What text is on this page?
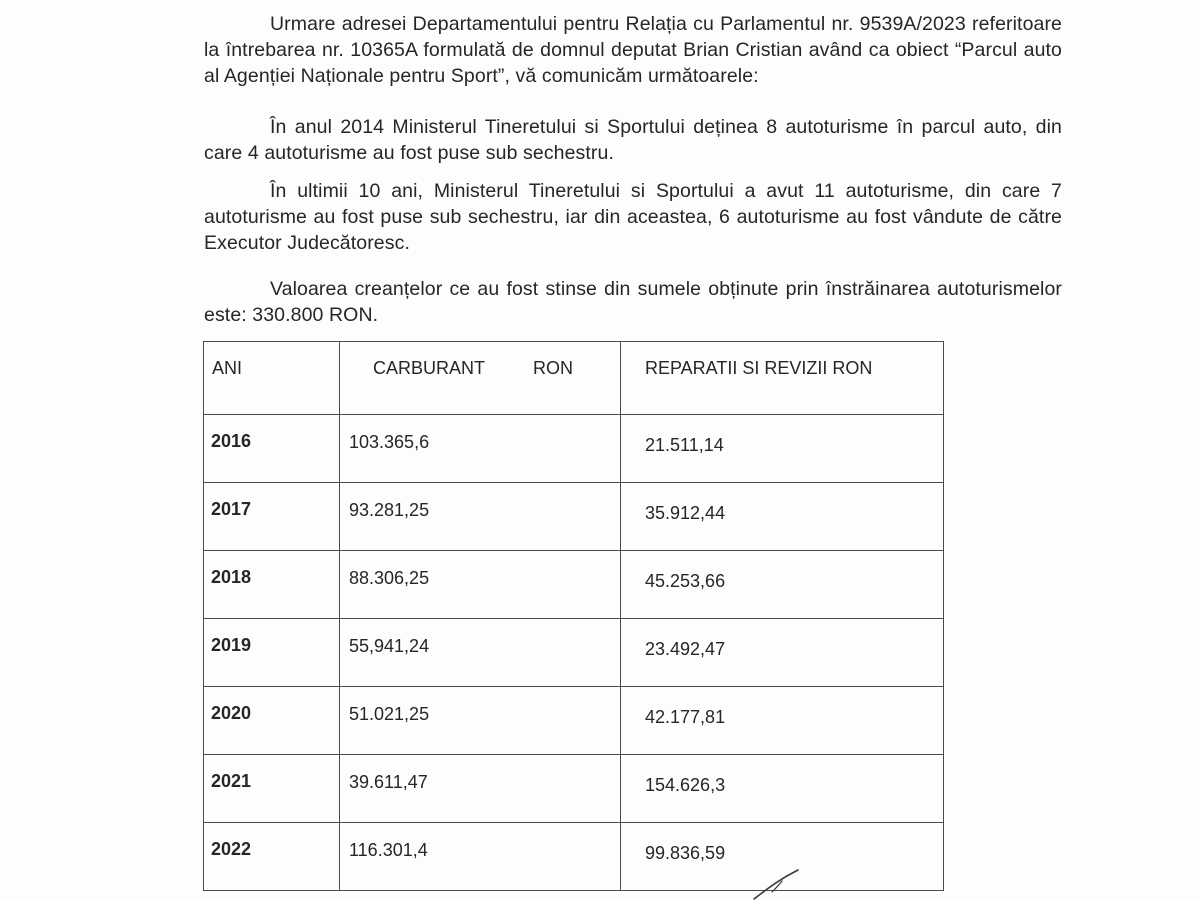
Urmare adresei Departamentului pentru Relația cu Parlamentul nr. 9539A/2023 referitoare la întrebarea nr. 10365A formulată de domnul deputat Brian Cristian având ca obiect “Parcul auto al Agenției Naționale pentru Sport”, vă comunicăm următoarele:

În anul 2014 Ministerul Tineretului si Sportului deținea 8 autoturisme în parcul auto, din care 4 autoturisme au fost puse sub sechestru.

În ultimii 10 ani, Ministerul Tineretului si Sportului a avut 11 autoturisme, din care 7 autoturisme au fost puse sub sechestru, iar din aceastea, 6 autoturisme au fost vândute de către Executor Judecătoresc.

Valoarea creanțelor ce au fost stinse din sumele obținute prin înstrăinarea autoturismelor este: 330.800 RON.

ANI	CARBURANT RON	REPARATII SI REVIZII RON

2016	103.365,6	21.511,14

2017	93.281,25	35.912,44

2018	88.306,25	45.253,66

2019	55,941,24	23.492,47

2020	51.021,25	42.177,81

2021	39.611,47	154.626,3

2022	116.301,4	99.836,59
